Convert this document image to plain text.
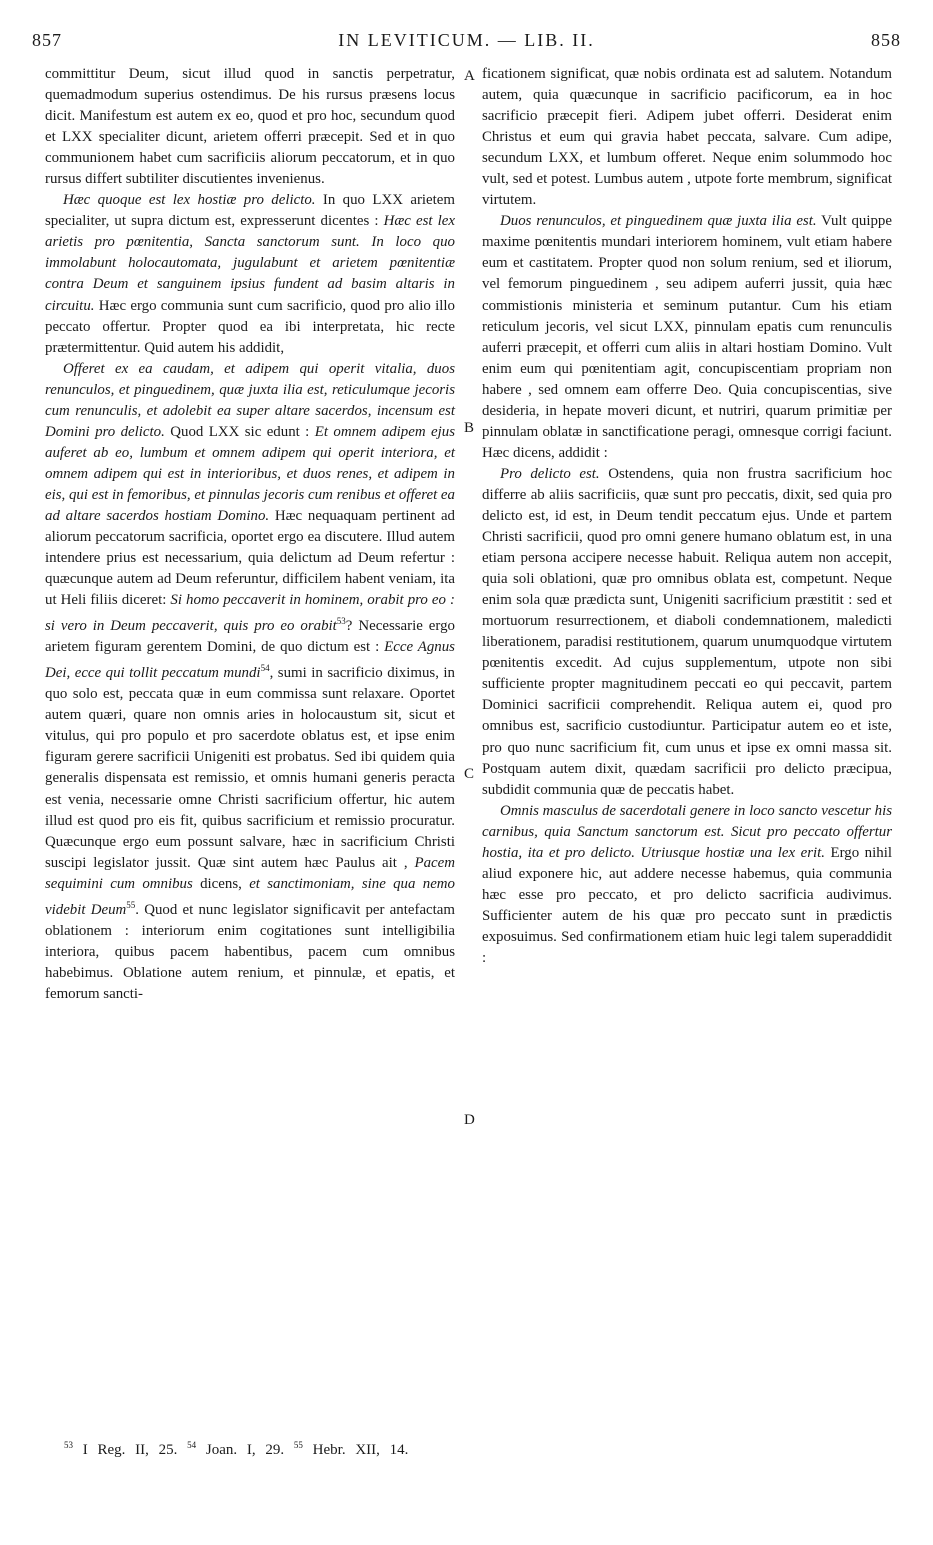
857	IN LEVITICUM. — LIB. II.	858

committitur Deum, sicut illud quod in sanctis perpetratur, quemadmodum superius ostendimus. De his rursus præsens locus dicit. Manifestum est autem ex eo, quod et pro hoc, secundum quod et LXX specialiter dicunt, arietem offerri præcepit. Sed et in quo communionem habet cum sacrificiis aliorum peccatorum, et in quo rursus differt subtiliter discutientes invenienus.

Hæc quoque est lex hostiæ pro delicto. In quo LXX arietem specialiter, ut supra dictum est, expresserunt dicentes : Hæc est lex arietis pro pœnitentia, Sancta sanctorum sunt. In loco quo immolabunt holocautomata, jugulabunt et arietem pœnitentiæ contra Deum et sanguinem ipsius fundent ad basim altaris in circuitu. Hæc ergo communia sunt cum sacrificio, quod pro alio illo peccato offertur. Propter quod ea ibi interpretata, hic recte prætermittentur. Quid autem his addidit,

Offeret ex ea caudam, et adipem qui operit vitalia, duos renunculos, et pinguedinem, quæ juxta ilia est, reticulumque jecoris cum renunculis, et adolebit ea super altare sacerdos, incensum est Domini pro delicto. Quod LXX sic edunt : Et omnem adipem ejus auferet ab eo, lumbum et omnem adipem qui operit interiora, et omnem adipem qui est in interioribus, et duos renes, et adipem in eis, qui est in femoribus, et pinnulas jecoris cum renibus et offeret ea ad altare sacerdos hostiam Domino. Hæc nequaquam pertinent ad aliorum peccatorum sacrificia, oportet ergo ea discutere. Illud autem intendere prius est necessarium, quia delictum ad Deum refertur : quæcunque autem ad Deum referuntur, difficilem habent veniam, ita ut Heli filiis diceret: Si homo peccaverit in hominem, orabit pro eo : si vero in Deum peccaverit, quis pro eo orabit$^{53}$? Necessarie ergo arietem figuram gerentem Domini, de quo dictum est : Ecce Agnus Dei, ecce qui tollit peccatum mundi$^{54}$, sumi in sacrificio diximus, in quo solo est, peccata quæ in eum commissa sunt relaxare. Oportet autem quæri, quare non omnis aries in holocaustum sit, sicut et vitulus, qui pro populo et pro sacerdote oblatus est, et ipse enim figuram gerere sacrificii Unigeniti est probatus. Sed ibi quidem quia generalis dispensata est remissio, et omnis humani generis peracta est venia, necessarie omne Christi sacrificium offertur, hic autem illud est quod pro eis fit, quibus sacrificium et remissio procuratur. Quæcunque ergo eum possunt salvare, hæc in sacrificium Christi suscipi legislator jussit. Quæ sint autem hæc Paulus ait , Pacem sequimini cum omnibus dicens, et sanctimoniam, sine qua nemo videbit Deum$^{55}$. Quod et nunc legislator significavit per antefactam oblationem : interiorum enim cogitationes sunt intelligibilia interiora, quibus pacem habentibus, pacem cum omnibus habebimus. Oblatione autem renium, et pinnulæ, et epatis, et femorum sancti-

ficationem significat, quæ nobis ordinata est ad salutem. Notandum autem, quia quæcunque in sacrificio pacificorum, ea in hoc sacrificio præcepit fieri. Adipem jubet offerri. Desiderat enim Christus et eum qui gravia habet peccata, salvare. Cum adipe, secundum LXX, et lumbum offeret. Neque enim solummodo hoc vult, sed et potest. Lumbus autem , utpote forte membrum, significat virtutem.

Duos renunculos, et pinguedinem quæ juxta ilia est. Vult quippe maxime pœnitentis mundari interiorem hominem, vult etiam habere eum et castitatem. Propter quod non solum renium, sed et iliorum, vel femorum pinguedinem , seu adipem auferri jussit, quia hæc commistionis ministeria et seminum putantur. Cum his etiam reticulum jecoris, vel sicut LXX, pinnulam epatis cum renunculis auferri præcepit, et offerri cum aliis in altari hostiam Domino. Vult enim eum qui pœnitentiam agit, concupiscentiam propriam non habere , sed omnem eam offerre Deo. Quia concupiscentias, sive desideria, in hepate moveri dicunt, et nutriri, quarum primitiæ per pinnulam oblatæ in sanctificatione peragi, omnesque corrigi faciunt. Hæc dicens, addidit :

Pro delicto est. Ostendens, quia non frustra sacrificium hoc differre ab aliis sacrificiis, quæ sunt pro peccatis, dixit, sed quia pro delicto est, id est, in Deum tendit peccatum ejus. Unde et partem Christi sacrificii, quod pro omni genere humano oblatum est, in una etiam persona accipere necesse habuit. Reliqua autem non accepit, quia soli oblationi, quæ pro omnibus oblata est, competunt. Neque enim sola quæ prædicta sunt, Unigeniti sacrificium præstitit : sed et mortuorum resurrectionem, et diaboli condemnationem, maledicti liberationem, paradisi restitutionem, quarum unumquodque virtutem pœnitentis excedit. Ad cujus supplementum, utpote non sibi sufficiente propter magnitudinem peccati eo qui peccavit, partem Dominici sacrificii comprehendit. Reliqua autem ei, quod pro omnibus est, sacrificio custodiuntur. Participatur autem eo et iste, pro quo nunc sacrificium fit, cum unus et ipse ex omni massa sit. Postquam autem dixit, quædam sacrificii pro delicto præcipua, subdidit communia quæ de peccatis habet.

Omnis masculus de sacerdotali genere in loco sancto vescetur his carnibus, quia Sanctum sanctorum est. Sicut pro peccato offertur hostia, ita et pro delicto. Utriusque hostiæ una lex erit. Ergo nihil aliud exponere hic, aut addere necesse habemus, quia communia hæc esse pro peccato, et pro delicto sacrificia audivimus. Sufficienter autem de his quæ pro peccato sunt in prædictis exposuimus. Sed confirmationem etiam huic legi talem superaddidit :

A
B
C
D
$^{53}$ I Reg. II, 25. $^{54}$ Joan. I, 29. $^{55}$ Hebr. XII, 14.
